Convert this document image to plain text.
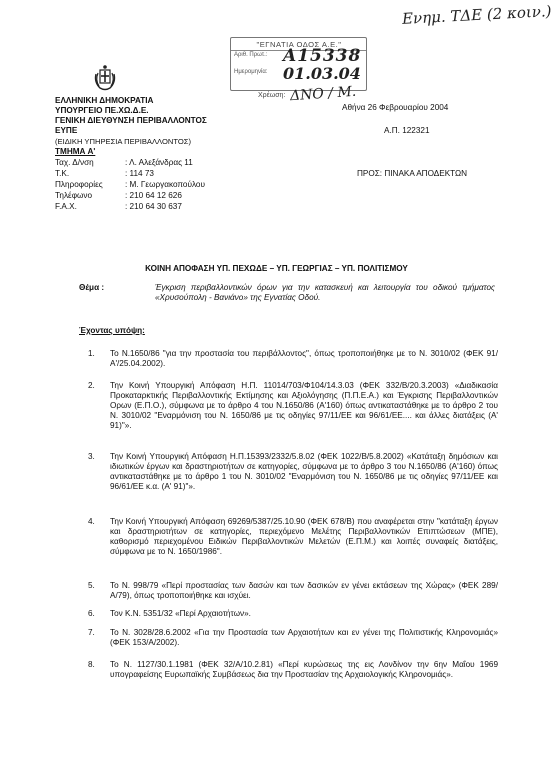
Ενημ. ΤΔΕ (2 κοιν.)
"ΕΓΝΑΤΙΑ ΟΔΟΣ Α.Ε."
Αριθ. Πρωτ.: A15338
Ημερομηνία: 01.03.04
Χρέωση: ΔΝΟ / Μ.
ΕΛΛΗΝΙΚΗ ΔΗΜΟΚΡΑΤΙΑ
ΥΠΟΥΡΓΕΙΟ ΠΕ.ΧΩ.Δ.Ε.
ΓΕΝΙΚΗ ΔΙΕΥΘΥΝΣΗ ΠΕΡΙΒΑΛΛΟΝΤΟΣ
ΕΥΠΕ
(ΕΙΔΙΚΗ ΥΠΗΡΕΣΙΑ ΠΕΡΙΒΑΛΛΟΝΤΟΣ)
ΤΜΗΜΑ Α'
Αθήνα 26 Φεβρουαρίου 2004
Α.Π. 122321
ΠΡΟΣ: ΠΙΝΑΚΑ ΑΠΟΔΕΚΤΩΝ
Ταχ. Δ/νση	: Λ. Αλεξάνδρας 11
Τ.Κ.	: 114 73
Πληροφορίες	: Μ. Γεωργακοπούλου
Τηλέφωνο	: 210 64 12 626
F.A.X.	: 210 64 30 637
ΚΟΙΝΗ ΑΠΟΦΑΣΗ ΥΠ. ΠΕΧΩΔΕ – ΥΠ. ΓΕΩΡΓΙΑΣ – ΥΠ. ΠΟΛΙΤΙΣΜΟΥ
Θέμα :	Έγκριση περιβαλλοντικών όρων για την κατασκευή και λειτουργία του οδικού τμήματος «Χρυσούπολη - Βανιάνο» της Εγνατίας Οδού.
Έχοντας υπόψη:
1. Το Ν.1650/86 "για την προστασία του περιβάλλοντος", όπως τροποποιήθηκε με το Ν. 3010/02 (ΦΕΚ 91/Α'/25.04.2002).
2. Την Κοινή Υπουργική Απόφαση Η.Π. 11014/703/Φ104/14.3.03 (ΦΕΚ 332/Β/20.3.2003) «Διαδικασία Προκαταρκτικής Περιβαλλοντικής Εκτίμησης και Αξιολόγησης (Π.Π.Ε.Α.) και Έγκρισης Περιβαλλοντικών Ορων (Ε.Π.Ο.), σύμφωνα με το άρθρο 4 του Ν.1650/86 (Α'160) όπως αντικαταστάθηκε με το άρθρο 2 του Ν. 3010/02 "Εναρμόνιση του Ν. 1650/86 με τις οδηγίες 97/11/ΕΕ και 96/61/ΕΕ.... και άλλες διατάξεις (Α' 91)"».
3. Την Κοινή Υπουργική Απόφαση Η.Π.15393/2332/5.8.02 (ΦΕΚ 1022/Β/5.8.2002) «Κατάταξη δημόσιων και ιδιωτικών έργων και δραστηριοτήτων σε κατηγορίες, σύμφωνα με το άρθρο 3 του Ν.1650/86 (Α'160) όπως αντικαταστάθηκε με το άρθρο 1 του Ν. 3010/02 "Εναρμόνιση του Ν. 1650/86 με τις οδηγίες 97/11/ΕΕ και 96/61/ΕΕ κ.α. (Α' 91)"».
4. Την Κοινή Υπουργική Απόφαση 69269/5387/25.10.90 (ΦΕΚ 678/Β) που αναφέρεται στην "κατάταξη έργων και δραστηριοτήτων σε κατηγορίες, περιεχόμενο Μελέτης Περιβαλλοντικών Επιπτώσεων (ΜΠΕ), καθορισμό περιεχομένου Ειδικών Περιβαλλοντικών Μελετών (Ε.Π.Μ.) και λοιπές συναφείς διατάξεις, σύμφωνα με το Ν. 1650/1986".
5. Το Ν. 998/79 «Περί προστασίας των δασών και των δασικών εν γένει εκτάσεων της Χώρας» (ΦΕΚ 289/Α/79), όπως τροποποιήθηκε και ισχύει.
6. Τον Κ.Ν. 5351/32 «Περί Αρχαιοτήτων».
7. Το Ν. 3028/28.6.2002 «Για την Προστασία των Αρχαιοτήτων και εν γένει της Πολιτιστικής Κληρονομιάς» (ΦΕΚ 153/Α/2002).
8. Το Ν. 1127/30.1.1981 (ΦΕΚ 32/Α/10.2.81) «Περί κυρώσεως της εις Λονδίνον την 6ην Μαΐου 1969 υπογραφείσης Ευρωπαϊκής Συμβάσεως δια την Προστασίαν της Αρχαιολογικής Κληρονομιάς».
